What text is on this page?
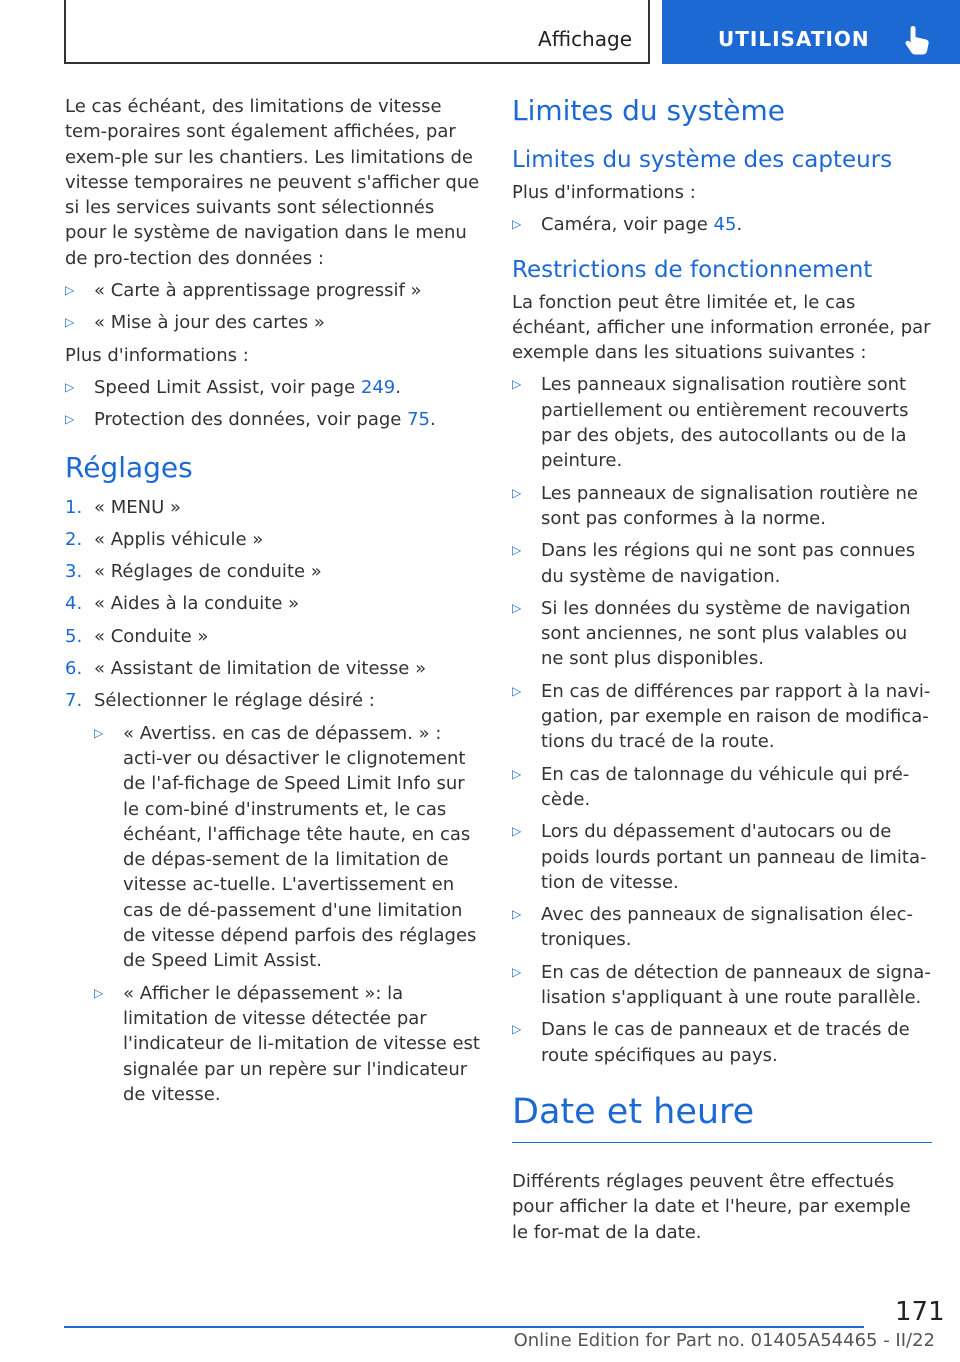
Affichage	UTILISATION

Le cas échéant, des limitations de vitesse tem-poraires sont également affichées, par exem-ple sur les chantiers. Les limitations de vitesse temporaires ne peuvent s'afficher que si les services suivants sont sélectionnés pour le système de navigation dans le menu de pro-tection des données :

▷ « Carte à apprentissage progressif »
▷ « Mise à jour des cartes »

Plus d'informations :

▷ Speed Limit Assist, voir page 249.
▷ Protection des données, voir page 75.
Réglages
1. « MENU »
2. « Applis véhicule »
3. « Réglages de conduite »
4. « Aides à la conduite »
5. « Conduite »
6. « Assistant de limitation de vitesse »
7. Sélectionner le réglage désiré :
▷ « Avertiss. en cas de dépassem. » : acti-ver ou désactiver le clignotement de l'af-fichage de Speed Limit Info sur le com-biné d'instruments et, le cas échéant, l'affichage tête haute, en cas de dépas-sement de la limitation de vitesse ac-tuelle. L'avertissement en cas de dé-passement d'une limitation de vitesse dépend parfois des réglages de Speed Limit Assist.
▷ « Afficher le dépassement »: la limitation de vitesse détectée par l'indicateur de li-mitation de vitesse est signalée par un repère sur l'indicateur de vitesse.
Limites du système
Limites du système des capteurs

Plus d'informations :

▷ Caméra, voir page 45.
Restrictions de fonctionnement

La fonction peut être limitée et, le cas échéant, afficher une information erronée, par exemple dans les situations suivantes :

▷ Les panneaux signalisation routière sont partiellement ou entièrement recouverts par des objets, des autocollants ou de la peinture.
▷ Les panneaux de signalisation routière ne sont pas conformes à la norme.
▷ Dans les régions qui ne sont pas connues du système de navigation.
▷ Si les données du système de navigation sont anciennes, ne sont plus valables ou ne sont plus disponibles.
▷ En cas de différences par rapport à la navi-gation, par exemple en raison de modifica-tions du tracé de la route.
▷ En cas de talonnage du véhicule qui pré-cède.
▷ Lors du dépassement d'autocars ou de poids lourds portant un panneau de limita-tion de vitesse.
▷ Avec des panneaux de signalisation élec-troniques.
▷ En cas de détection de panneaux de signa-lisation s'appliquant à une route parallèle.
▷ Dans le cas de panneaux et de tracés de route spécifiques au pays.
Date et heure

Différents réglages peuvent être effectués pour afficher la date et l'heure, par exemple le for-mat de la date.

171
Online Edition for Part no. 01405A54465 - II/22
